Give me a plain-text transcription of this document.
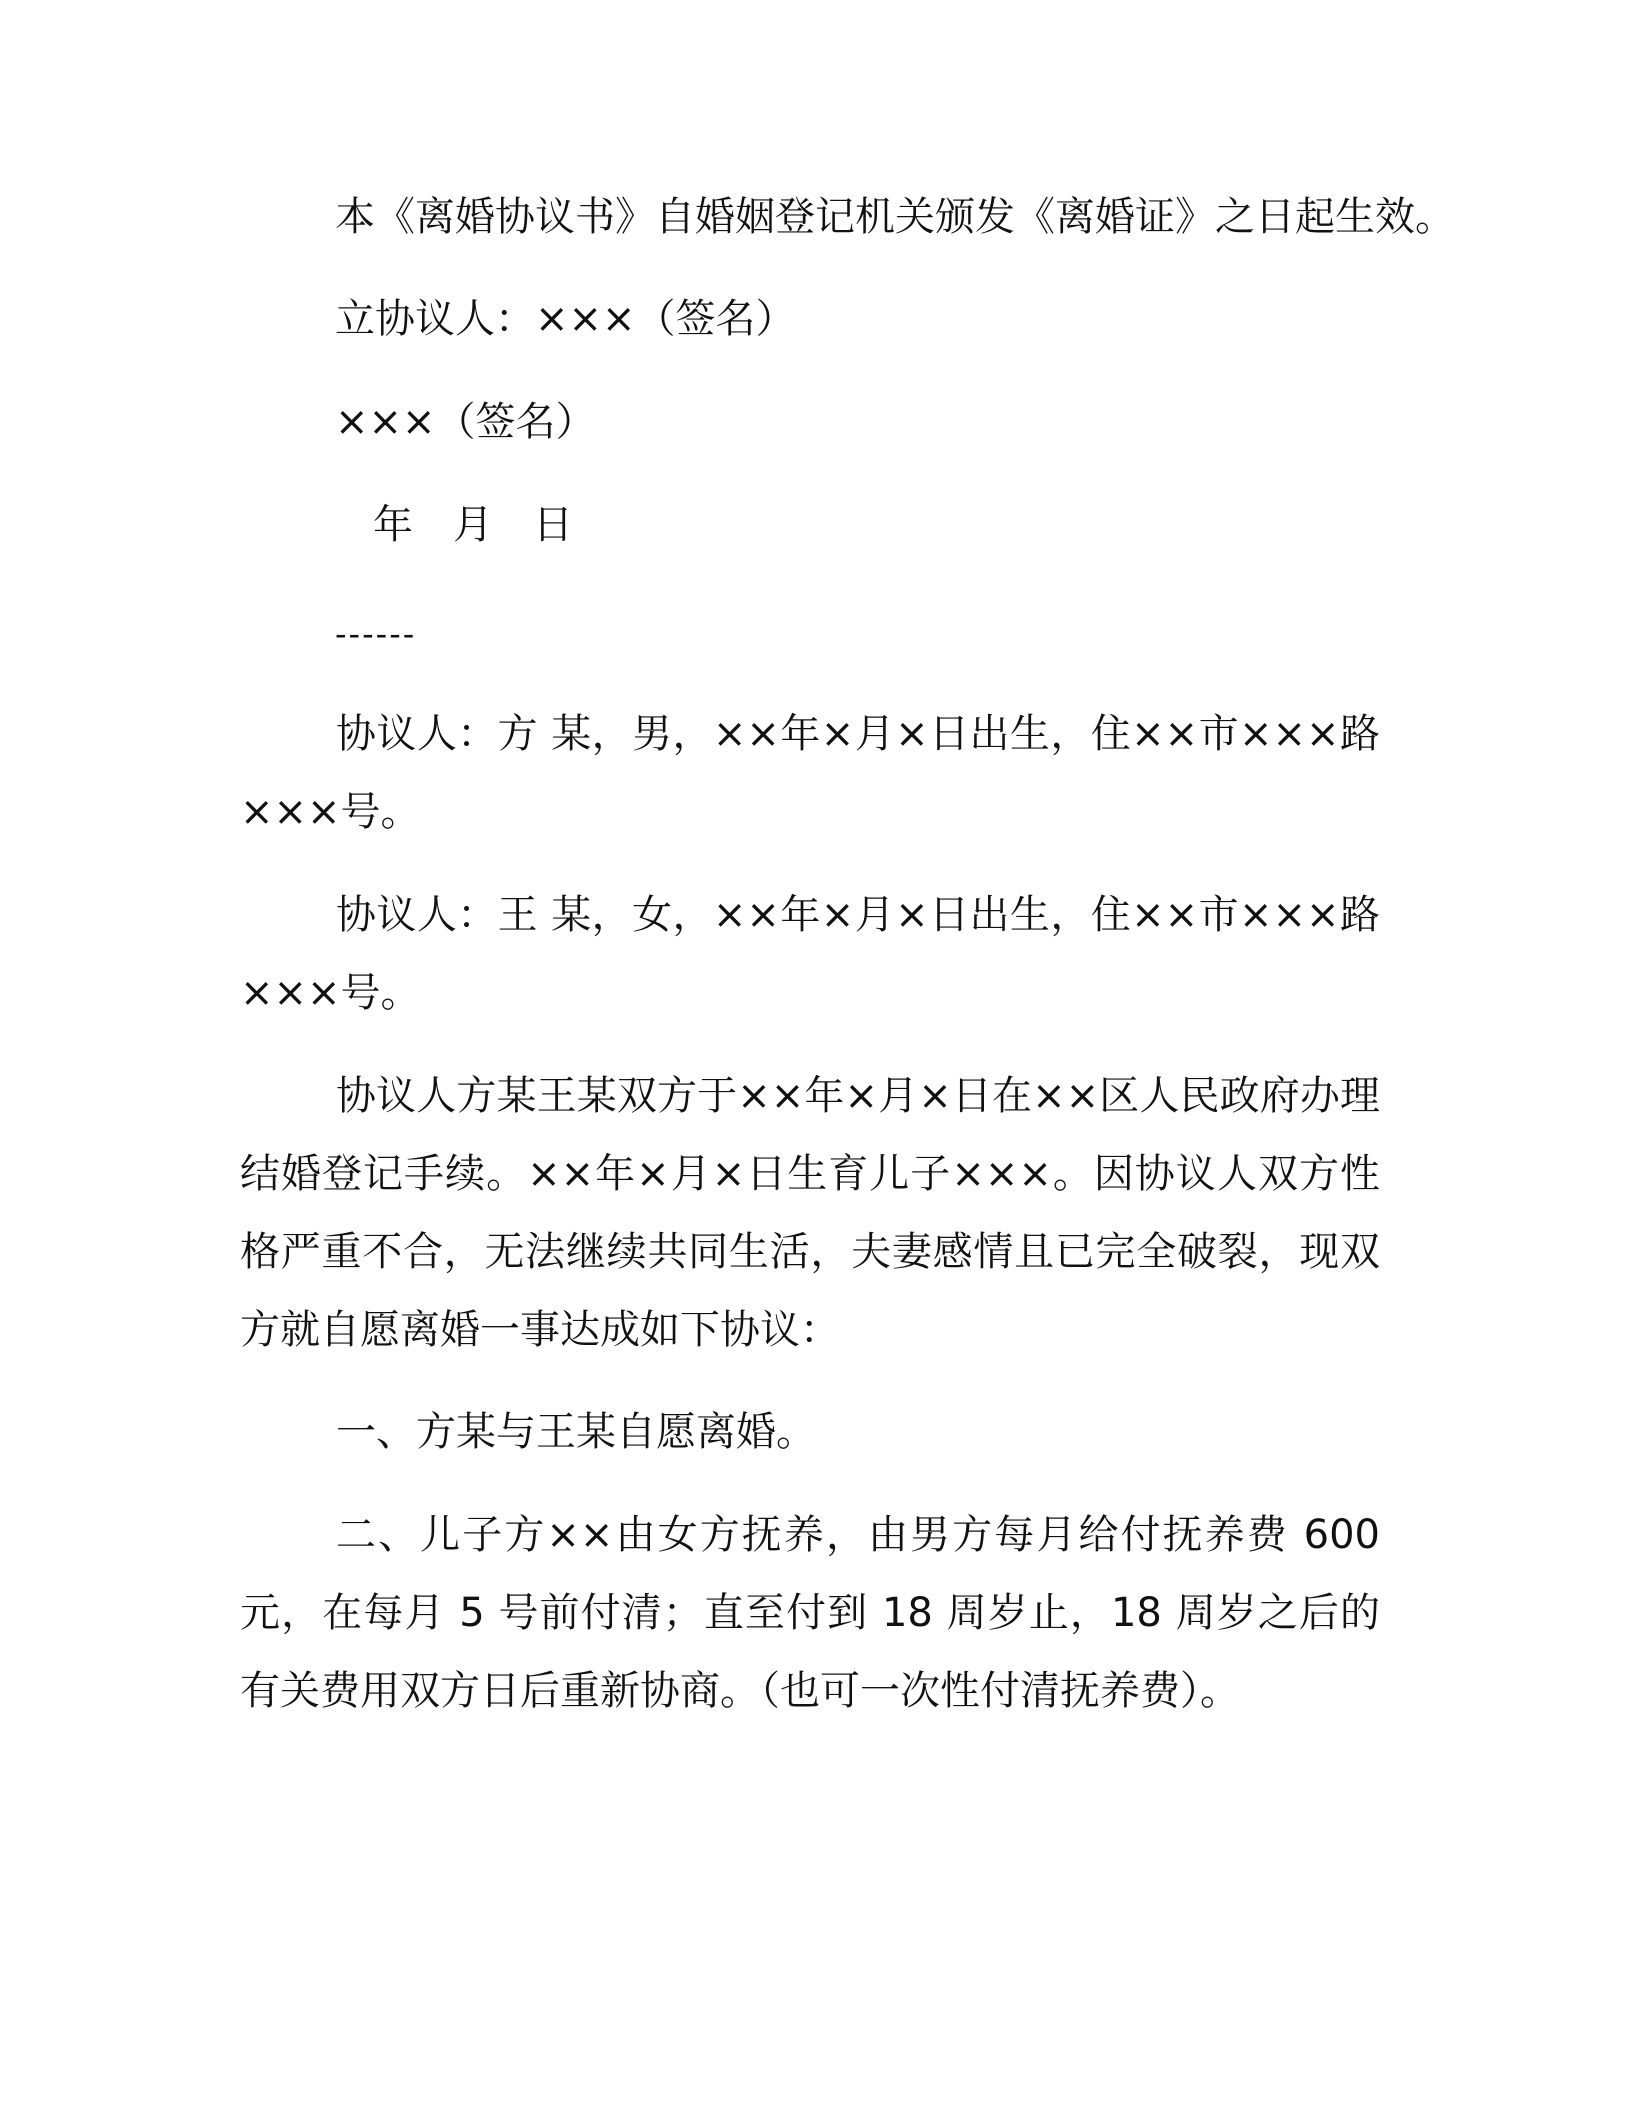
本《离婚协议书》自婚姻登记机关颁发《离婚证》之日起生效。
立协议人：×××（签名）
×××（签名）
年　月　日
------
协议人：方 某，男，××年×月×日出生，住××市×××路×××号。
协议人：王 某，女，××年×月×日出生，住××市×××路×××号。
协议人方某王某双方于××年×月×日在××区人民政府办理结婚登记手续。××年×月×日生育儿子×××。因协议人双方性格严重不合，无法继续共同生活，夫妻感情且已完全破裂，现双方就自愿离婚一事达成如下协议：
一、方某与王某自愿离婚。
二、儿子方××由女方抚养，由男方每月给付抚养费 600 元，在每月 5 号前付清；直至付到 18 周岁止，18 周岁之后的有关费用双方日后重新协商。（也可一次性付清抚养费）。
